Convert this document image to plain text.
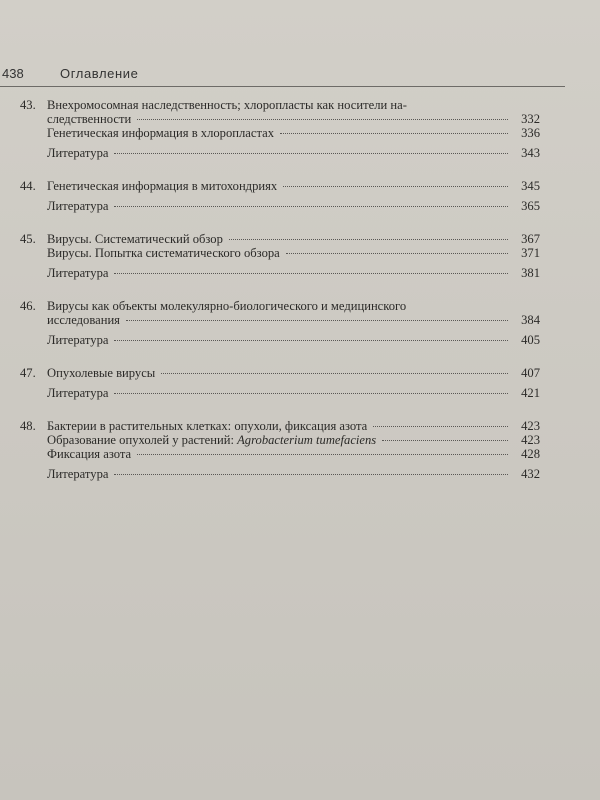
438	Оглавление
43. Внехромосомная наследственность; хлоропласты как носители на-
следственности	332
Генетическая информация в хлоропластах	336
Литература	343
44. Генетическая информация в митохондриях	345
Литература	365
45. Вирусы. Систематический обзор	367
Вирусы. Попытка систематического обзора	371
Литература	381
46. Вирусы как объекты молекулярно-биологического и медицинского
исследования	384
Литература	405
47. Опухолевые вирусы	407
Литература	421
48. Бактерии в растительных клетках: опухоли, фиксация азота	423
Образование опухолей у растений: Agrobacterium tumefaciens	423
Фиксация азота	428
Литература	432
